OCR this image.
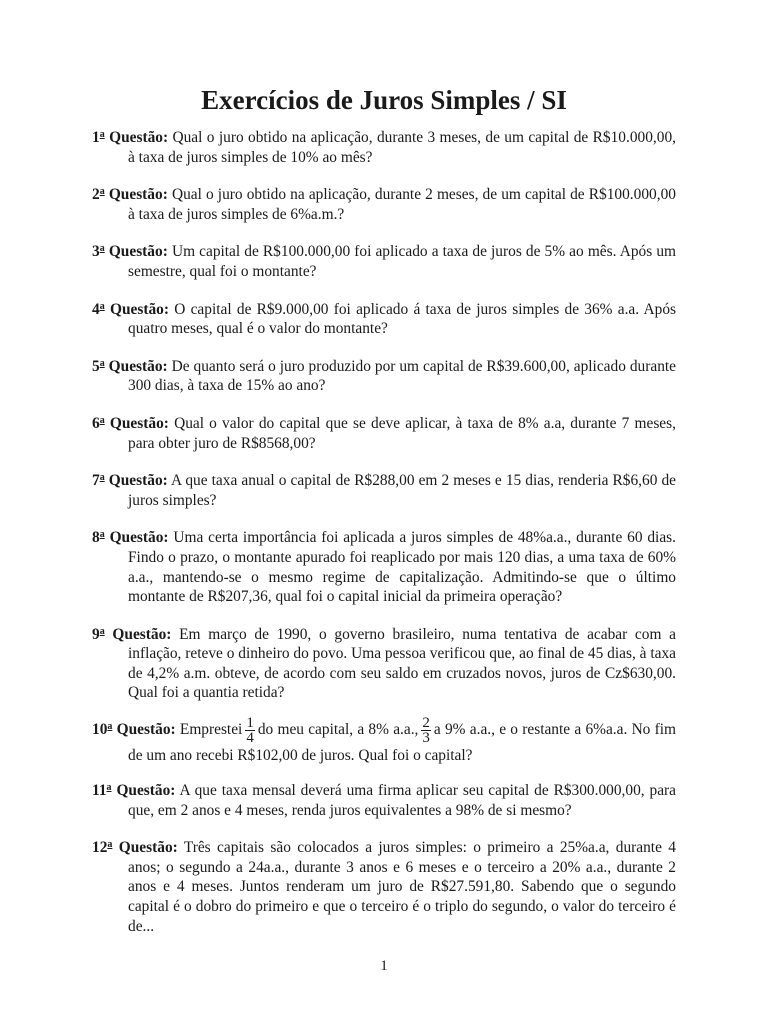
Exercícios de Juros Simples / SI

1$^a$ Questão: Qual o juro obtido na aplicação, durante 3 meses, de um capital de R$10.000,00, à taxa de juros simples de 10% ao mês?

2$^a$ Questão: Qual o juro obtido na aplicação, durante 2 meses, de um capital de R$100.000,00 à taxa de juros simples de 6%a.m.?

3$^a$ Questão: Um capital de R$100.000,00 foi aplicado a taxa de juros de 5% ao mês. Após um semestre, qual foi o montante?

4$^a$ Questão: O capital de R$9.000,00 foi aplicado á taxa de juros simples de 36% a.a. Após quatro meses, qual é o valor do montante?

5$^a$ Questão: De quanto será o juro produzido por um capital de R$39.600,00, aplicado durante 300 dias, à taxa de 15% ao ano?

6$^a$ Questão: Qual o valor do capital que se deve aplicar, à taxa de 8% a.a, durante 7 meses, para obter juro de R$8568,00?

7$^a$ Questão: A que taxa anual o capital de R$288,00 em 2 meses e 15 dias, renderia R$6,60 de juros simples?

8$^a$ Questão: Uma certa importância foi aplicada a juros simples de 48%a.a., durante 60 dias. Findo o prazo, o montante apurado foi reaplicado por mais 120 dias, a uma taxa de 60% a.a., mantendo-se o mesmo regime de capitalização. Admitindo-se que o último montante de R$207,36, qual foi o capital inicial da primeira operação?

9$^a$ Questão: Em março de 1990, o governo brasileiro, numa tentativa de acabar com a inflação, reteve o dinheiro do povo. Uma pessoa verificou que, ao final de 45 dias, à taxa de 4,2% a.m. obteve, de acordo com seu saldo em cruzados novos, juros de Cz$630,00. Qual foi a quantia retida?

10$^a$ Questão: Emprestei $\frac{1}{4}$ do meu capital, a 8% a.a., $\frac{2}{3}$ a 9% a.a., e o restante a 6%a.a. No fim de um ano recebi R$102,00 de juros. Qual foi o capital?

11$^a$ Questão: A que taxa mensal deverá uma firma aplicar seu capital de R$300.000,00, para que, em 2 anos e 4 meses, renda juros equivalentes a 98% de si mesmo?

12$^a$ Questão: Três capitais são colocados a juros simples: o primeiro a 25%a.a, durante 4 anos; o segundo a 24a.a., durante 3 anos e 6 meses e o terceiro a 20% a.a., durante 2 anos e 4 meses. Juntos renderam um juro de R$27.591,80. Sabendo que o segundo capital é o dobro do primeiro e que o terceiro é o triplo do segundo, o valor do terceiro é de...

1
